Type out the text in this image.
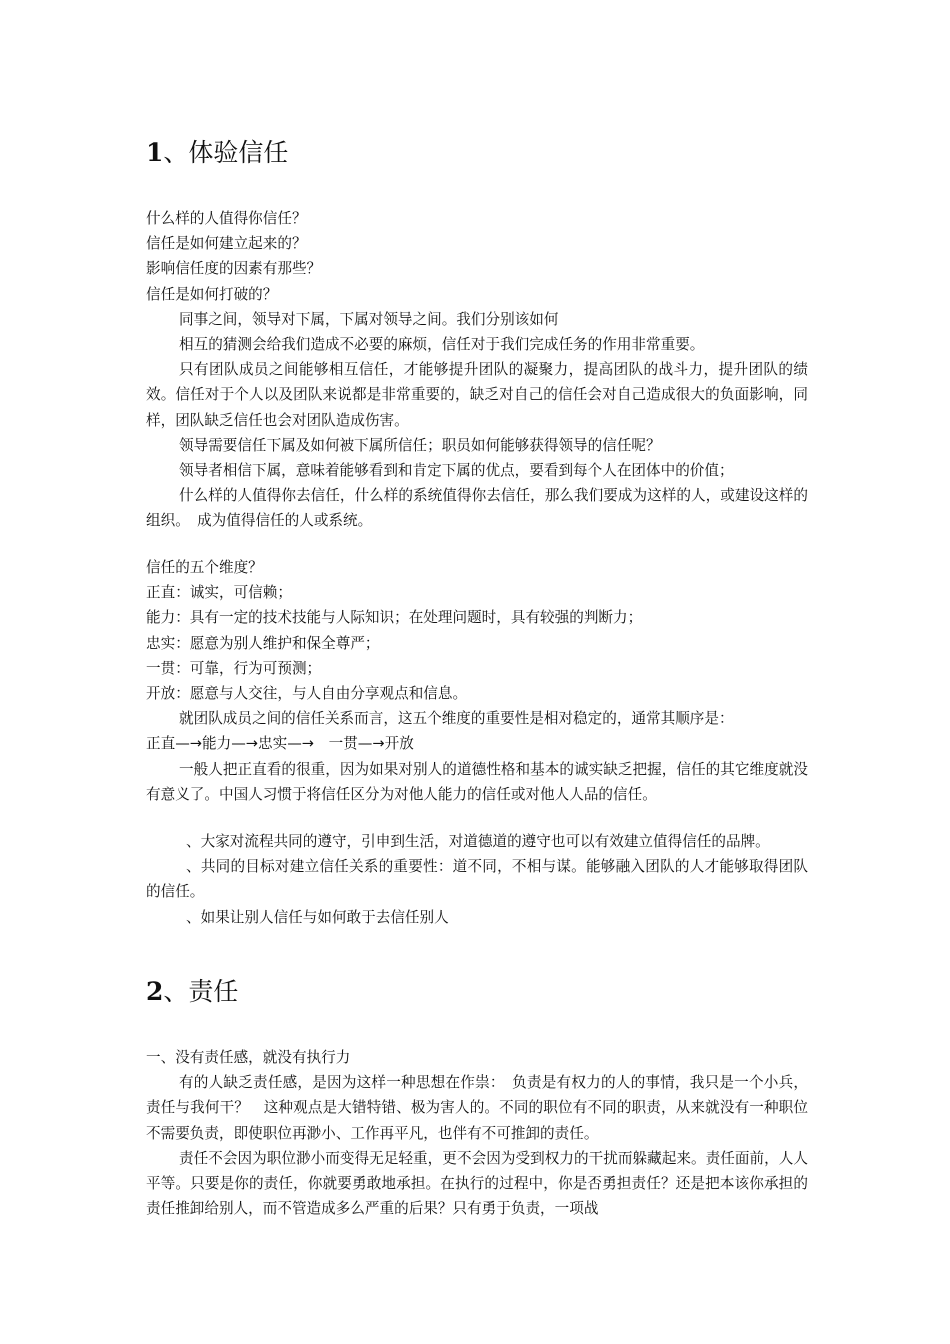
1、体验信任
什么样的人值得你信任？
信任是如何建立起来的？
影响信任度的因素有那些？
信任是如何打破的？
同事之间，领导对下属，下属对领导之间。我们分别该如何
相互的猜测会给我们造成不必要的麻烦，信任对于我们完成任务的作用非常重要。
只有团队成员之间能够相互信任，才能够提升团队的凝聚力，提高团队的战斗力，提升团队的绩效。信任对于个人以及团队来说都是非常重要的，缺乏对自己的信任会对自己造成很大的负面影响，同样，团队缺乏信任也会对团队造成伤害。
领导需要信任下属及如何被下属所信任；职员如何能够获得领导的信任呢？
领导者相信下属，意味着能够看到和肯定下属的优点，要看到每个人在团体中的价值；
什么样的人值得你去信任，什么样的系统值得你去信任，那么我们要成为这样的人，或建设这样的组织。　成为值得信任的人或系统。
信任的五个维度？
正直：诚实，可信赖；
能力：具有一定的技术技能与人际知识；在处理问题时，具有较强的判断力；
忠实：愿意为别人维护和保全尊严；
一贯：可靠，行为可预测；
开放：愿意与人交往，与人自由分享观点和信息。
就团队成员之间的信任关系而言，这五个维度的重要性是相对稳定的，通常其顺序是：
正直—→能力—→忠实—→　一贯—→开放
一般人把正直看的很重，因为如果对别人的道德性格和基本的诚实缺乏把握，信任的其它维度就没有意义了。中国人习惯于将信任区分为对他人能力的信任或对他人人品的信任。
、大家对流程共同的遵守，引申到生活，对道德道的遵守也可以有效建立值得信任的品牌。
、共同的目标对建立信任关系的重要性：道不同，不相与谋。能够融入团队的人才能够取得团队的信任。
、如果让别人信任与如何敢于去信任别人
2、责任
一、没有责任感，就没有执行力
有的人缺乏责任感，是因为这样一种思想在作祟：　负责是有权力的人的事情，我只是一个小兵，责任与我何干？　这种观点是大错特错、极为害人的。不同的职位有不同的职责，从来就没有一种职位不需要负责，即使职位再渺小、工作再平凡，也伴有不可推卸的责任。
责任不会因为职位渺小而变得无足轻重，更不会因为受到权力的干扰而躲藏起来。责任面前，人人平等。只要是你的责任，你就要勇敢地承担。在执行的过程中，你是否勇担责任？还是把本该你承担的责任推卸给别人，而不管造成多么严重的后果？只有勇于负责，一项战
